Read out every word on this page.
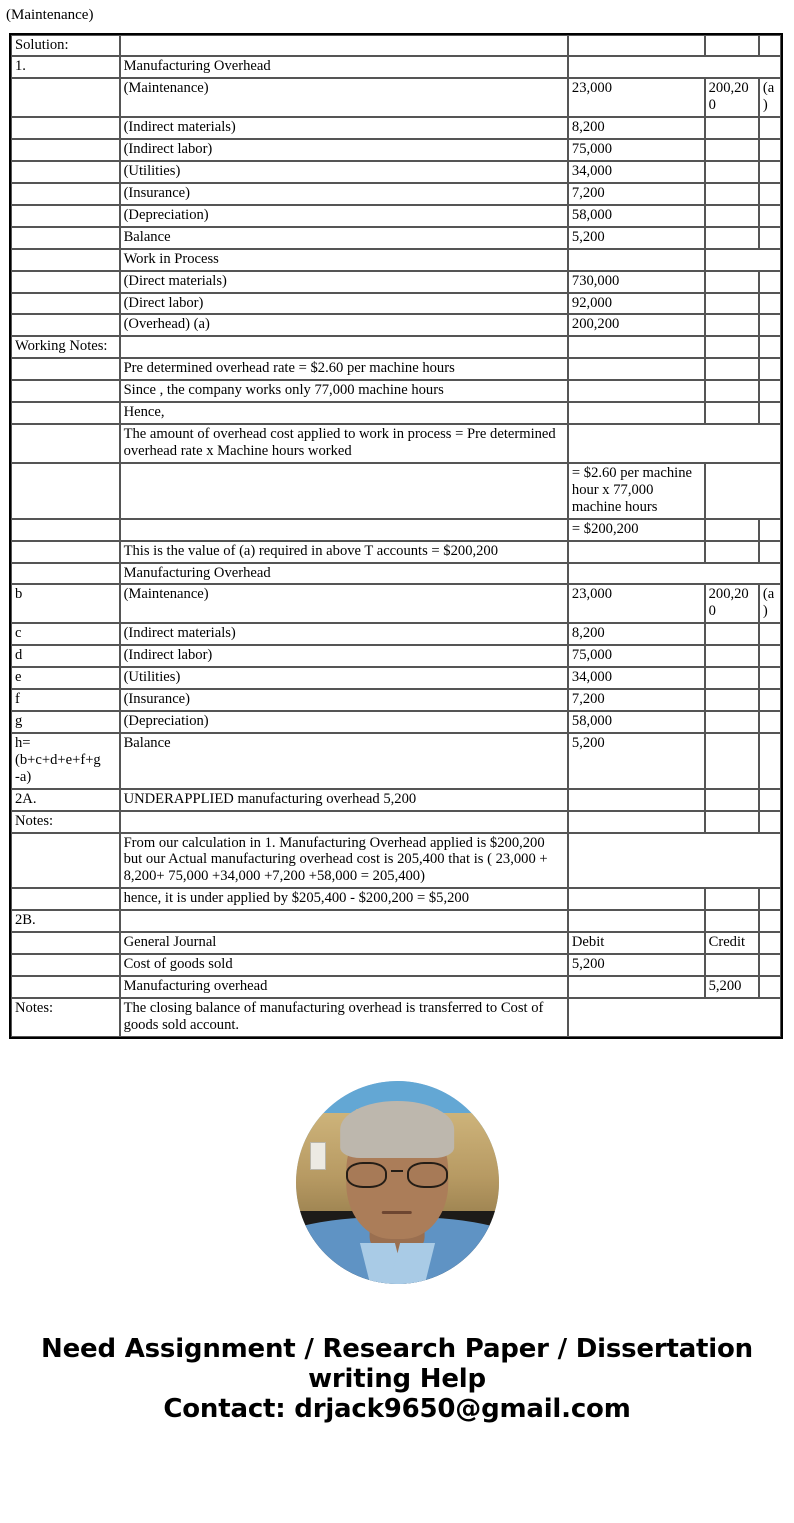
(Maintenance)
Solution:				
1.	Manufacturing Overhead			
	(Maintenance)	23,000	200,200	(a)
	(Indirect materials)	8,200		
	(Indirect labor)	75,000		
	(Utilities)	34,000		
	(Insurance)	7,200		
	(Depreciation)	58,000		
	Balance	5,200		
	Work in Process			
	(Direct materials)	730,000		
	(Direct labor)	92,000		
	(Overhead) (a)	200,200		
Working Notes:				
	Pre determined overhead rate = $2.60 per machine hours			
	Since , the company works only 77,000 machine hours			
	Hence,			
	The amount of overhead cost applied to work in process = Pre determined overhead rate x Machine hours worked			
		= $2.60 per machine hour x 77,000
machine hours		
		= $200,200		
	This is the value of (a) required in above T accounts = $200,200			
	Manufacturing Overhead			
b	(Maintenance)	23,000	200,200	(a)
c	(Indirect materials)	8,200		
d	(Indirect labor)	75,000		
e	(Utilities)	34,000		
f	(Insurance)	7,200		
g	(Depreciation)	58,000		
h=
(b+c+d+e+f+g
-a)	Balance	5,200		
2A.	UNDERAPPLIED manufacturing overhead 5,200			
Notes:				
	From our calculation in 1. Manufacturing Overhead applied is $200,200 but our Actual manufacturing overhead cost is 205,400 that is ( 23,000 + 8,200+ 75,000 +34,000 +7,200 +58,000 = 205,400)			
	hence, it is under applied by $205,400 - $200,200 = $5,200			
2B.				
	General Journal	Debit	Credit	
	Cost of goods sold	5,200		
	Manufacturing overhead		5,200	
Notes:	The closing balance of manufacturing overhead is transferred to Cost of goods sold account.			
Need Assignment / Research Paper / Dissertation
writing Help
Contact: drjack9650@gmail.com
